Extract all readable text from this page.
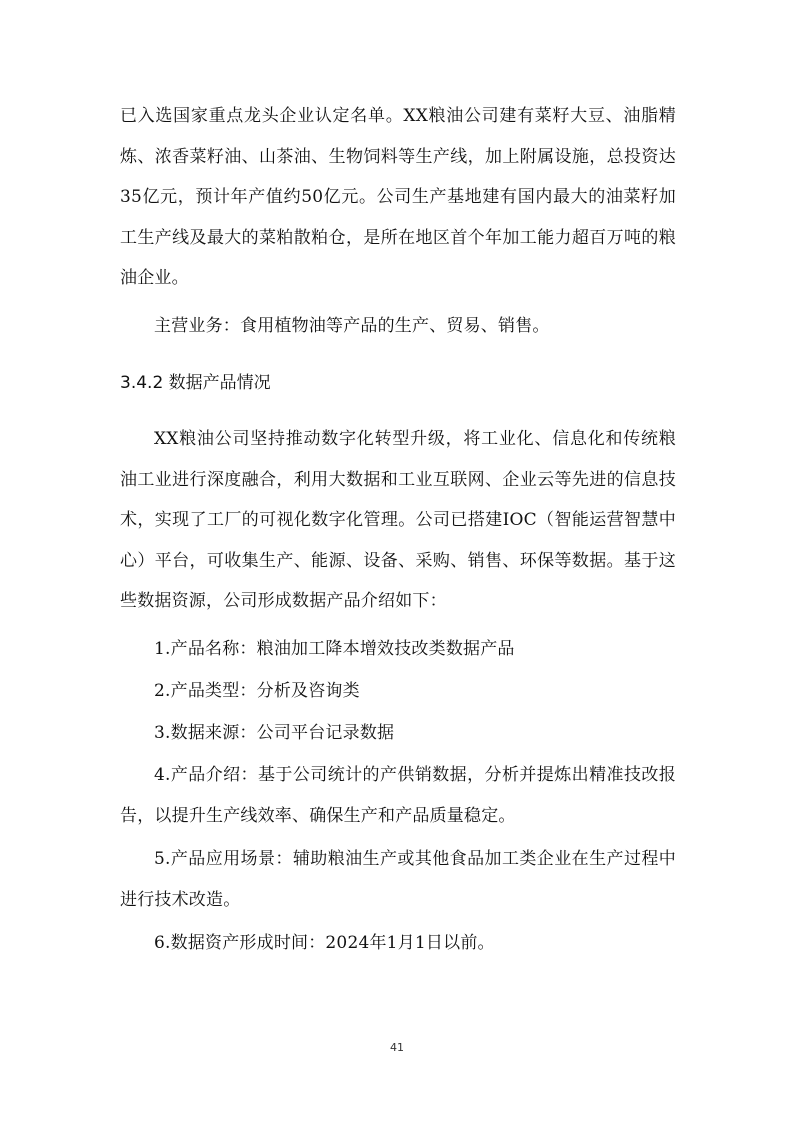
已入选国家重点龙头企业认定名单。XX粮油公司建有菜籽大豆、油脂精炼、浓香菜籽油、山茶油、生物饲料等生产线，加上附属设施，总投资达35亿元，预计年产值约50亿元。公司生产基地建有国内最大的油菜籽加工生产线及最大的菜粕散粕仓，是所在地区首个年加工能力超百万吨的粮油企业。
主营业务：食用植物油等产品的生产、贸易、销售。
3.4.2 数据产品情况
XX粮油公司坚持推动数字化转型升级，将工业化、信息化和传统粮油工业进行深度融合，利用大数据和工业互联网、企业云等先进的信息技术，实现了工厂的可视化数字化管理。公司已搭建IOC（智能运营智慧中心）平台，可收集生产、能源、设备、采购、销售、环保等数据。基于这些数据资源，公司形成数据产品介绍如下：
1.产品名称：粮油加工降本增效技改类数据产品
2.产品类型：分析及咨询类
3.数据来源：公司平台记录数据
4.产品介绍：基于公司统计的产供销数据，分析并提炼出精准技改报告，以提升生产线效率、确保生产和产品质量稳定。
5.产品应用场景：辅助粮油生产或其他食品加工类企业在生产过程中进行技术改造。
6.数据资产形成时间：2024年1月1日以前。
41
